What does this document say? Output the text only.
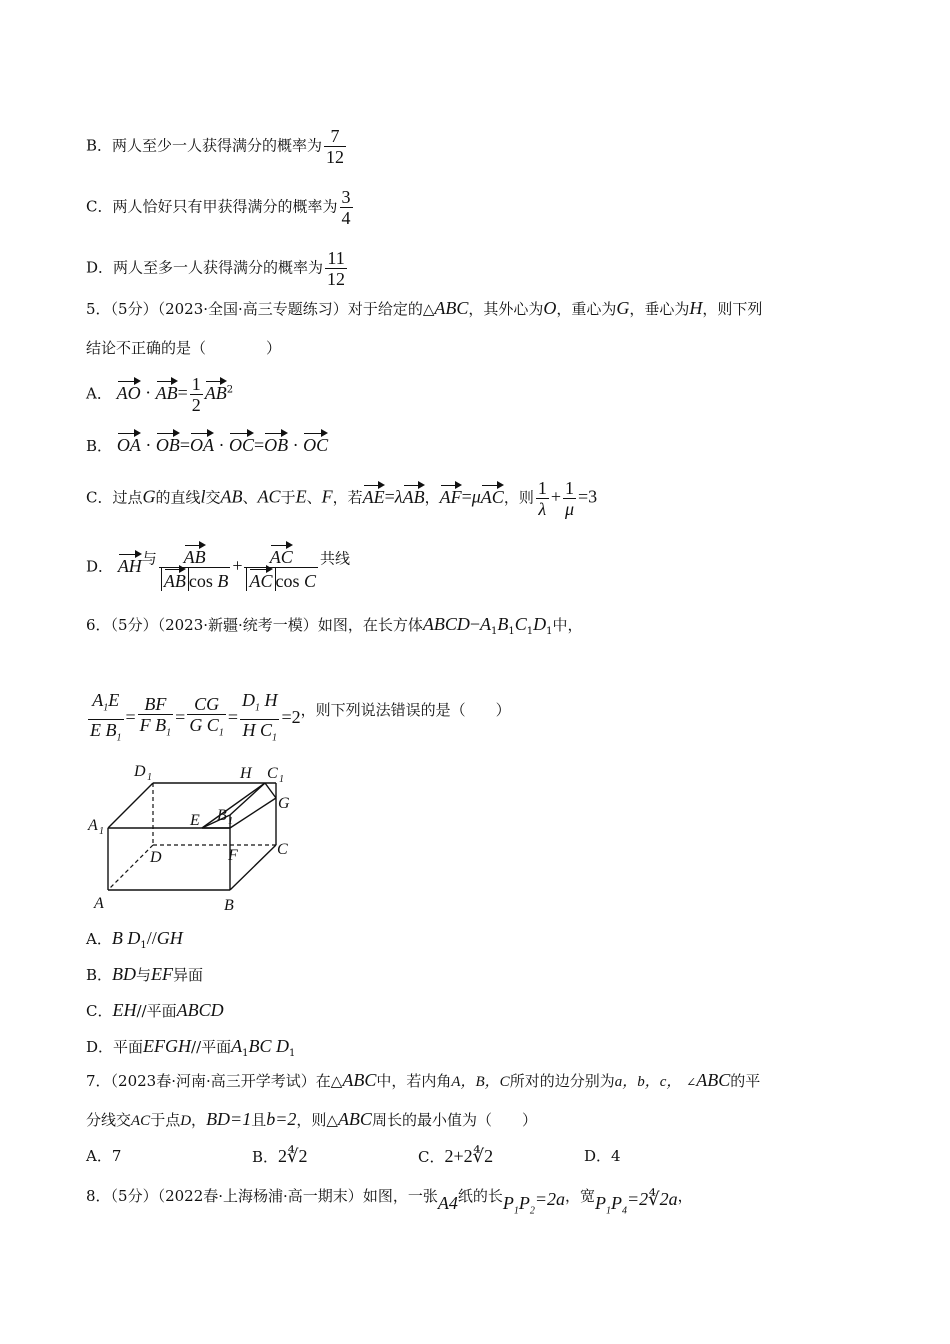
B．两人至少一人获得满分的概率为 $\frac{7}{12}$
C．两人恰好只有甲获得满分的概率为 $\frac{3}{4}$
D．两人至多一人获得满分的概率为 $\frac{11}{12}$
5．（5分）（2023·全国·高三专题练习）对于给定的△ABC，其外心为O，重心为G，垂心为H，则下列
结论不正确的是（　　　　）
A． AO · $AB= \frac{1}{2} AB^2$
B． OA · OB=OA · OC=OB · OC
C．过点G的直线l交AB、AC于E、F，若AE=λAB，AF=μAC，则 $\frac{1}{\lambda} + \frac{1}{\mu} =3$
D． AH与 $\frac{AB}{\text{AB cos B}} + \frac{AC}{\text{AC cos C}}$ 共线
6．（5分）（2023·新疆·统考一模）如图，在长方体$ABCD-A_1B_1C_1D_1$中，
$\frac{A_1E}{E B_1} = \frac{BF}{F B_1} = \frac{CG}{G C_1} = \frac{D_1 H}{H C_1} =2$，则下列说法错误的是（　　）
D 1	H C 1
A 1
E B 1
G
D	F C
A	B
A．B $D_1//GH$
B．BD与EF异面
C．EH//平面ABCD
D．平面EFGH//平面$A_1BC$ $D_1$
7．（2023春·河南·高三开学考试）在△ABC中，若内角A，B，C所对的边分别为a，b，c， ∠ABC的平
分线交AC于点D，BD=1且b=2，则△ABC周长的最小值为（　　）
A．7	B．2∜2	C．2+2∜2	D．4
8．（5分）（2022春·上海杨浦·高一期末）如图，一张A4纸的长$P_1P_2=2a$，宽$P_1P_4=2∜2a$，
